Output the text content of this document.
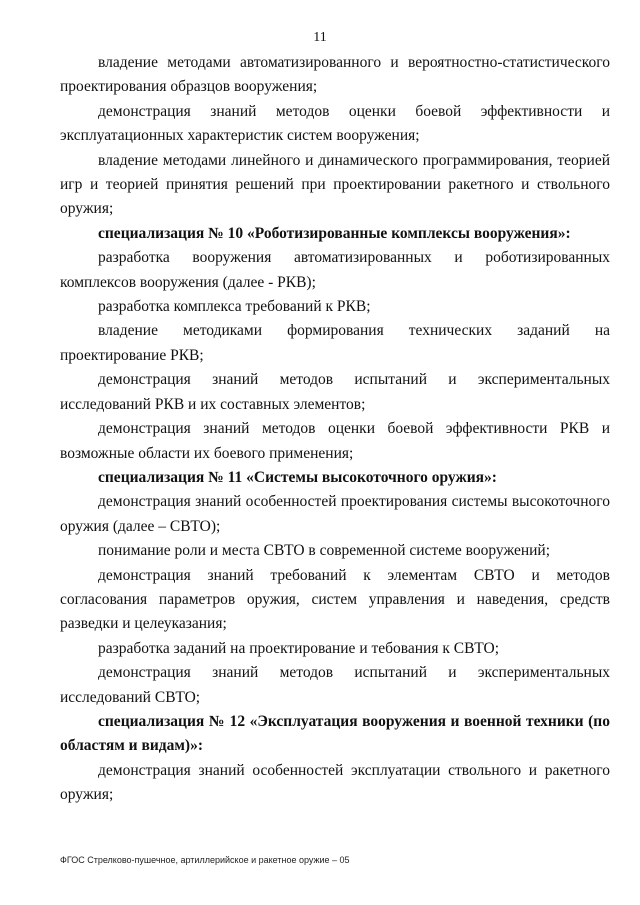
11

владение методами автоматизированного и вероятностно-статистического проектирования образцов вооружения;

демонстрация знаний методов оценки боевой эффективности и эксплуатационных характеристик систем вооружения;

владение методами линейного и динамического программирования, теорией игр и теорией принятия решений при проектировании ракетного и ствольного оружия;

специализация № 10 «Роботизированные комплексы вооружения»:

разработка вооружения автоматизированных и роботизированных комплексов вооружения (далее - РКВ);

разработка комплекса требований к РКВ;

владение методиками формирования технических заданий на проектирование РКВ;

демонстрация знаний методов испытаний и экспериментальных исследований РКВ и их составных элементов;

демонстрация знаний методов оценки боевой эффективности РКВ и возможные области их боевого применения;

специализация № 11 «Системы высокоточного оружия»:

демонстрация знаний особенностей проектирования системы высокоточного оружия (далее – СВТО);

понимание роли и места СВТО в современной системе вооружений;

демонстрация знаний требований к элементам СВТО и методов согласования параметров оружия, систем управления и наведения, средств разведки и целеуказания;

разработка заданий на проектирование и тебования к СВТО;

демонстрация знаний методов испытаний и экспериментальных исследований СВТО;

специализация № 12 «Эксплуатация вооружения и военной техники (по областям и видам)»:

демонстрация знаний особенностей эксплуатации ствольного и ракетного оружия;

ФГОС Стрелково-пушечное, артиллерийское и ракетное оружие – 05
